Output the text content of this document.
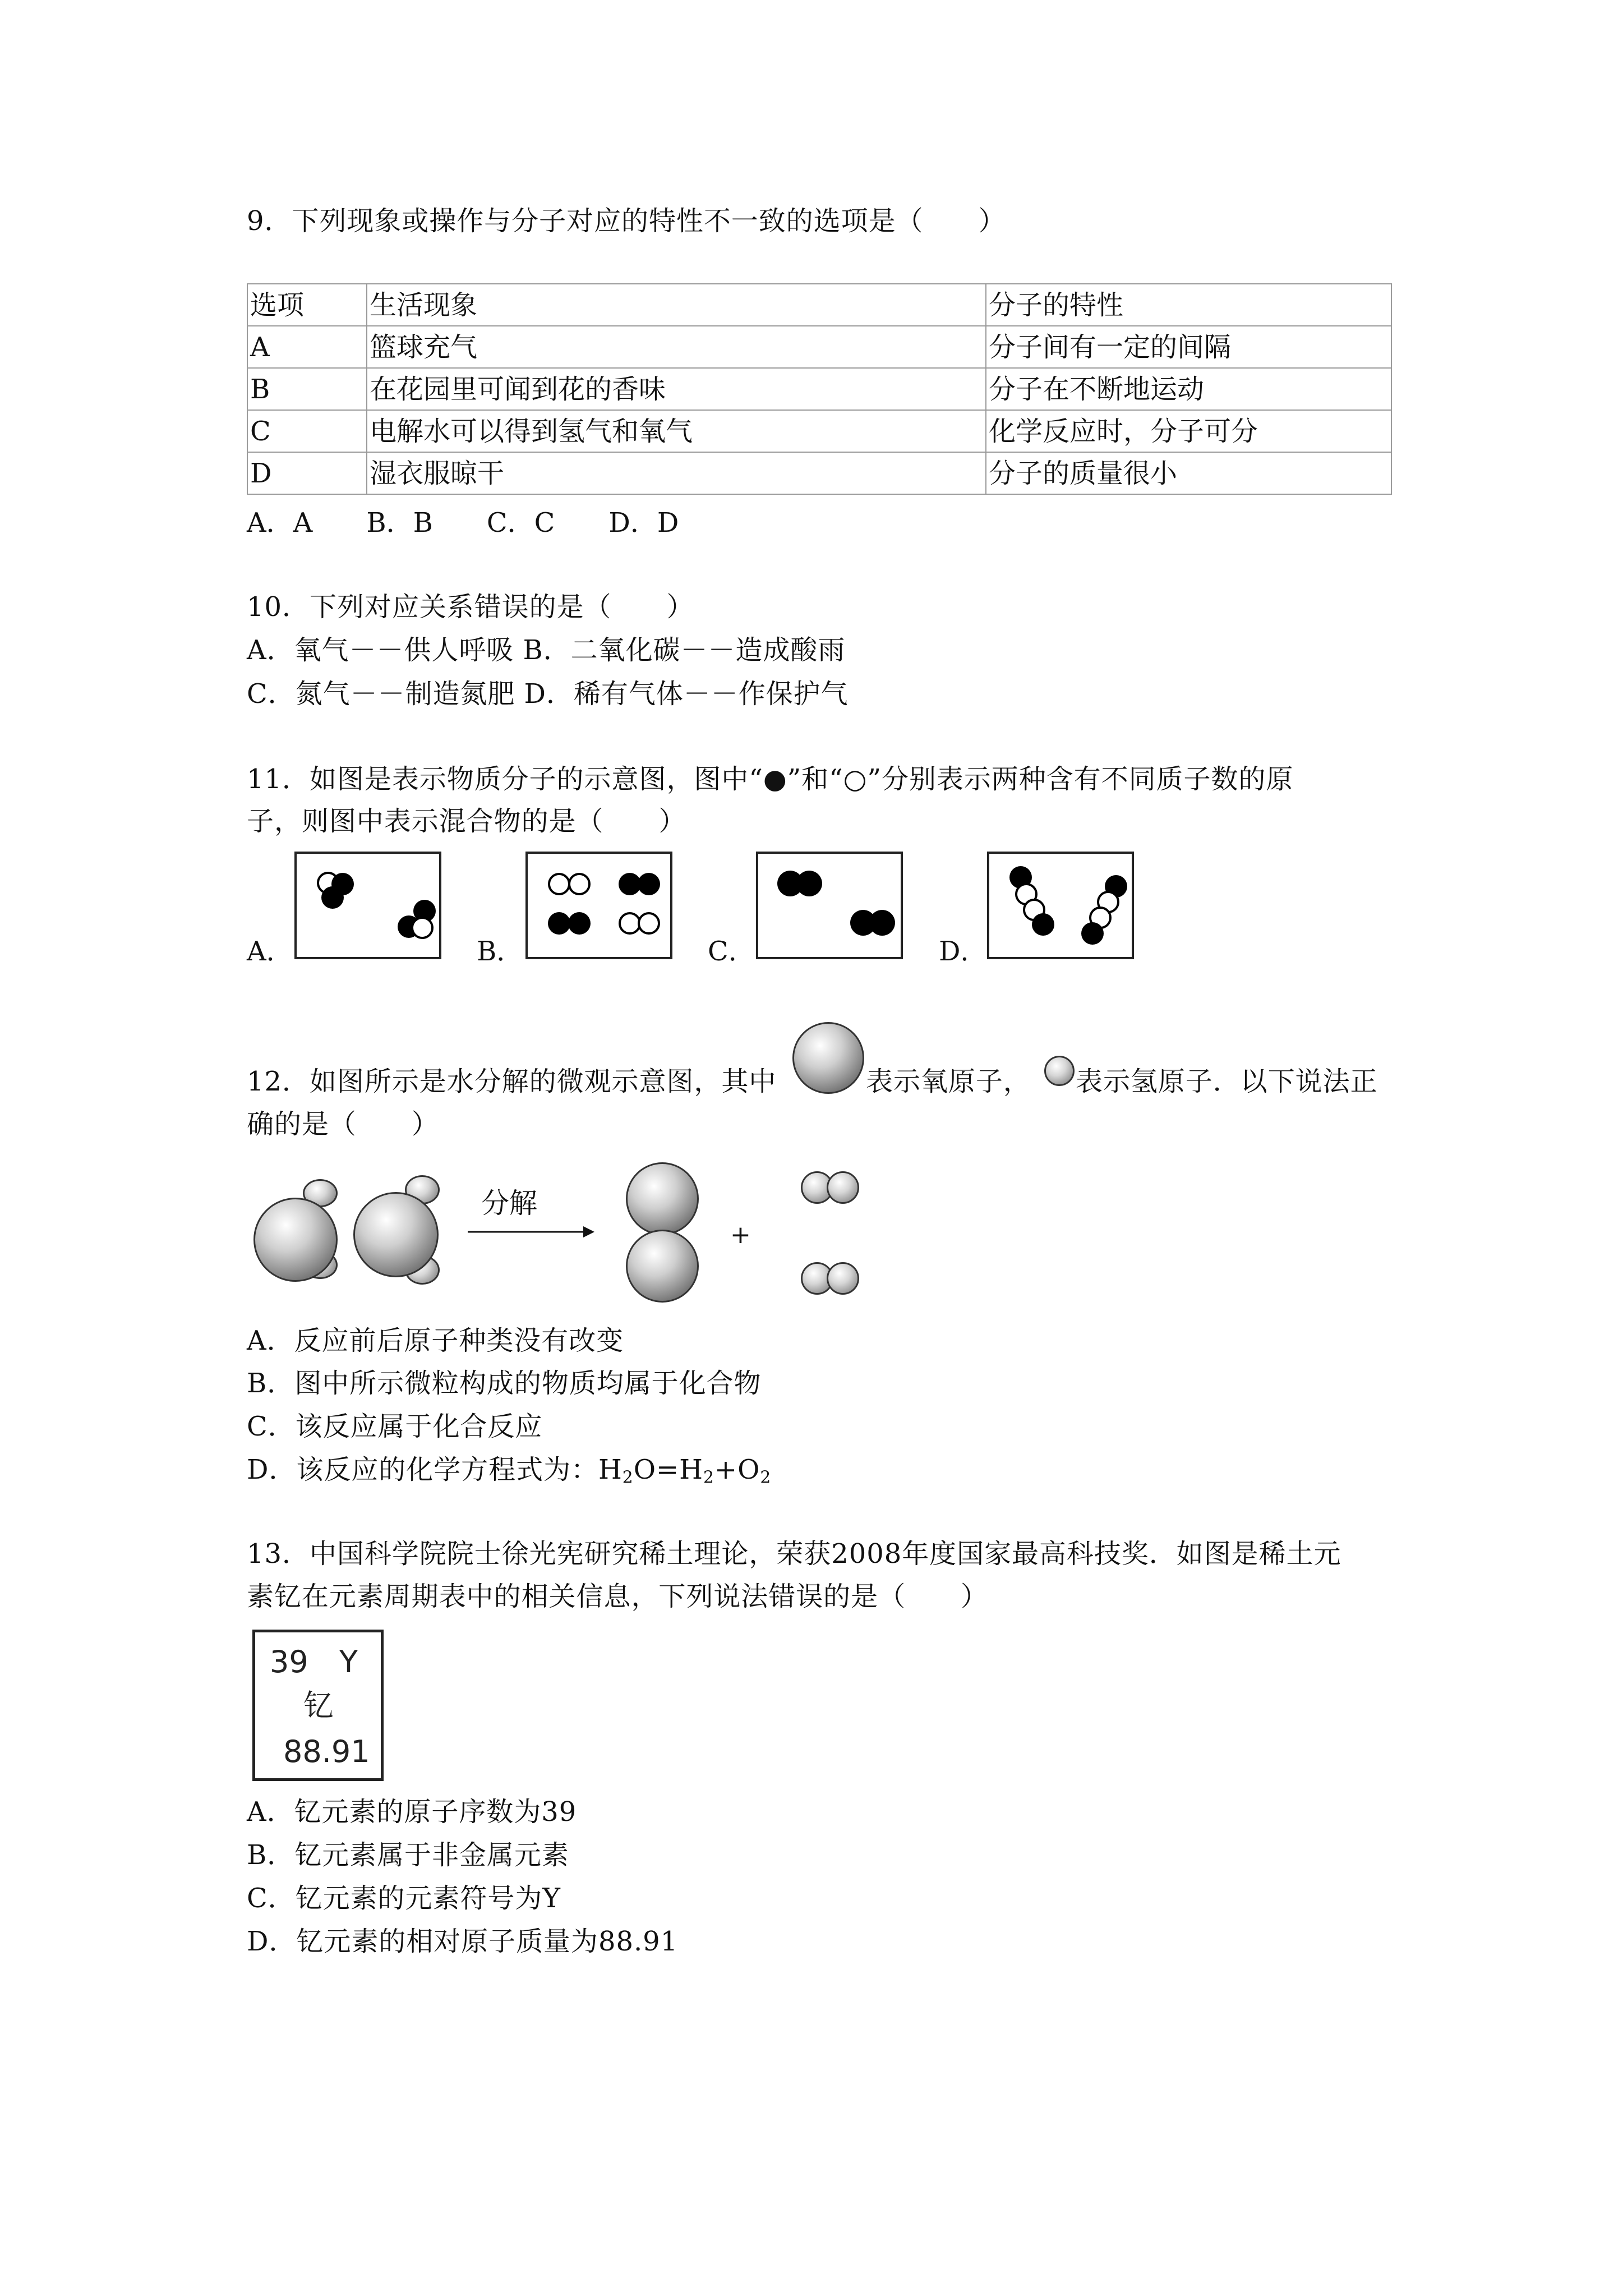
9．下列现象或操作与分子对应的特性不一致的选项是（　　）
选项	生活现象	分子的特性
A	篮球充气	分子间有一定的间隔
B	在花园里可闻到花的香味	分子在不断地运动
C	电解水可以得到氢气和氧气	化学反应时，分子可分
D	湿衣服晾干	分子的质量很小
A．A　　B．B　　C．C　　D．D
10．下列对应关系错误的是（　　）
A．氧气－－供人呼吸 B．二氧化碳－－造成酸雨
C．氮气－－制造氮肥 D．稀有气体－－作保护气
11．如图是表示物质分子的示意图，图中“●”和“○”分别表示两种含有不同质子数的原
子，则图中表示混合物的是（　　）
A．	B．	C．	D．
12．如图所示是水分解的微观示意图，其中	表示氧原子， 表示氢原子．以下说法正
确的是（　　）
分解
+
A．反应前后原子种类没有改变
B．图中所示微粒构成的物质均属于化合物
C．该反应属于化合反应
D．该反应的化学方程式为：$H_2O=H_2+O_2$
13．中国科学院院士徐光宪研究稀土理论，荣获2008年度国家最高科技奖．如图是稀土元
素钇在元素周期表中的相关信息，下列说法错误的是（　　）
39 Y
钇
88.91
A．钇元素的原子序数为39
B．钇元素属于非金属元素
C．钇元素的元素符号为Y
D．钇元素的相对原子质量为88.91
